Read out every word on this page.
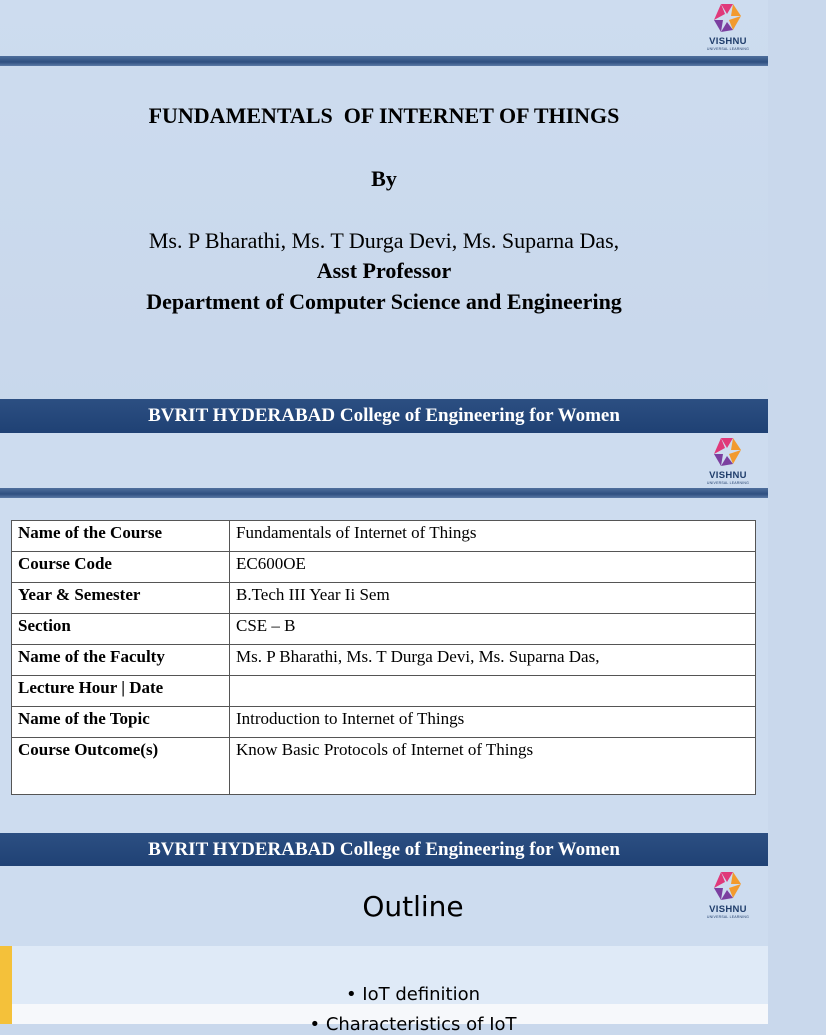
VISHNU
UNIVERSAL LEARNING
FUNDAMENTALS  OF INTERNET OF THINGS
By
Ms. P Bharathi, Ms. T Durga Devi, Ms. Suparna Das,
Asst Professor
Department of Computer Science and Engineering
BVRIT HYDERABAD College of Engineering for Women
VISHNU
UNIVERSAL LEARNING
Name of the Course	Fundamentals of Internet of Things
Course Code	EC600OE
Year & Semester	B.Tech III Year Ii Sem
Section	CSE – B
Name of the Faculty	Ms. P Bharathi, Ms. T Durga Devi, Ms. Suparna Das,
Lecture Hour | Date	
Name of the Topic	Introduction to Internet of Things
Course Outcome(s)	Know Basic Protocols of Internet of Things
BVRIT HYDERABAD College of Engineering for Women
VISHNU
UNIVERSAL LEARNING
Outline
• IoT definition
• Characteristics of IoT
